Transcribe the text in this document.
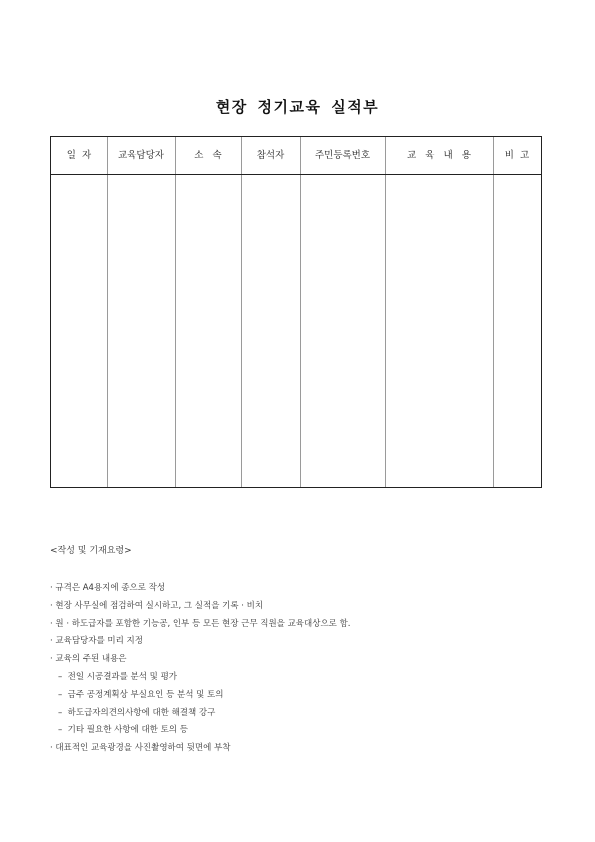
현장 정기교육 실적부
일  자	교육담당자	소   속	참석자	주민등록번호	교   육   내   용	비  고
<작성 및 기재요령>
· 규격은 A4용지에 종으로 작성
· 현장 사무실에 점검하여 실시하고, 그 실적을 기록 · 비치
· 원 · 하도급자를 포함한 기능공, 인부 등 모든 현장 근무 직원을 교육대상으로 함.
· 교육담당자를 미리 지정
· 교육의 주된 내용은
–  전일 시공결과를 분석 및 평가
–  금주 공정계획상 부실요인 등 분석 및 토의
–  하도급자의견의사항에 대한 해결책 강구
–  기타 필요한 사항에 대한 토의 등
· 대표적인 교육광경을 사진촬영하여 뒷면에 부착
